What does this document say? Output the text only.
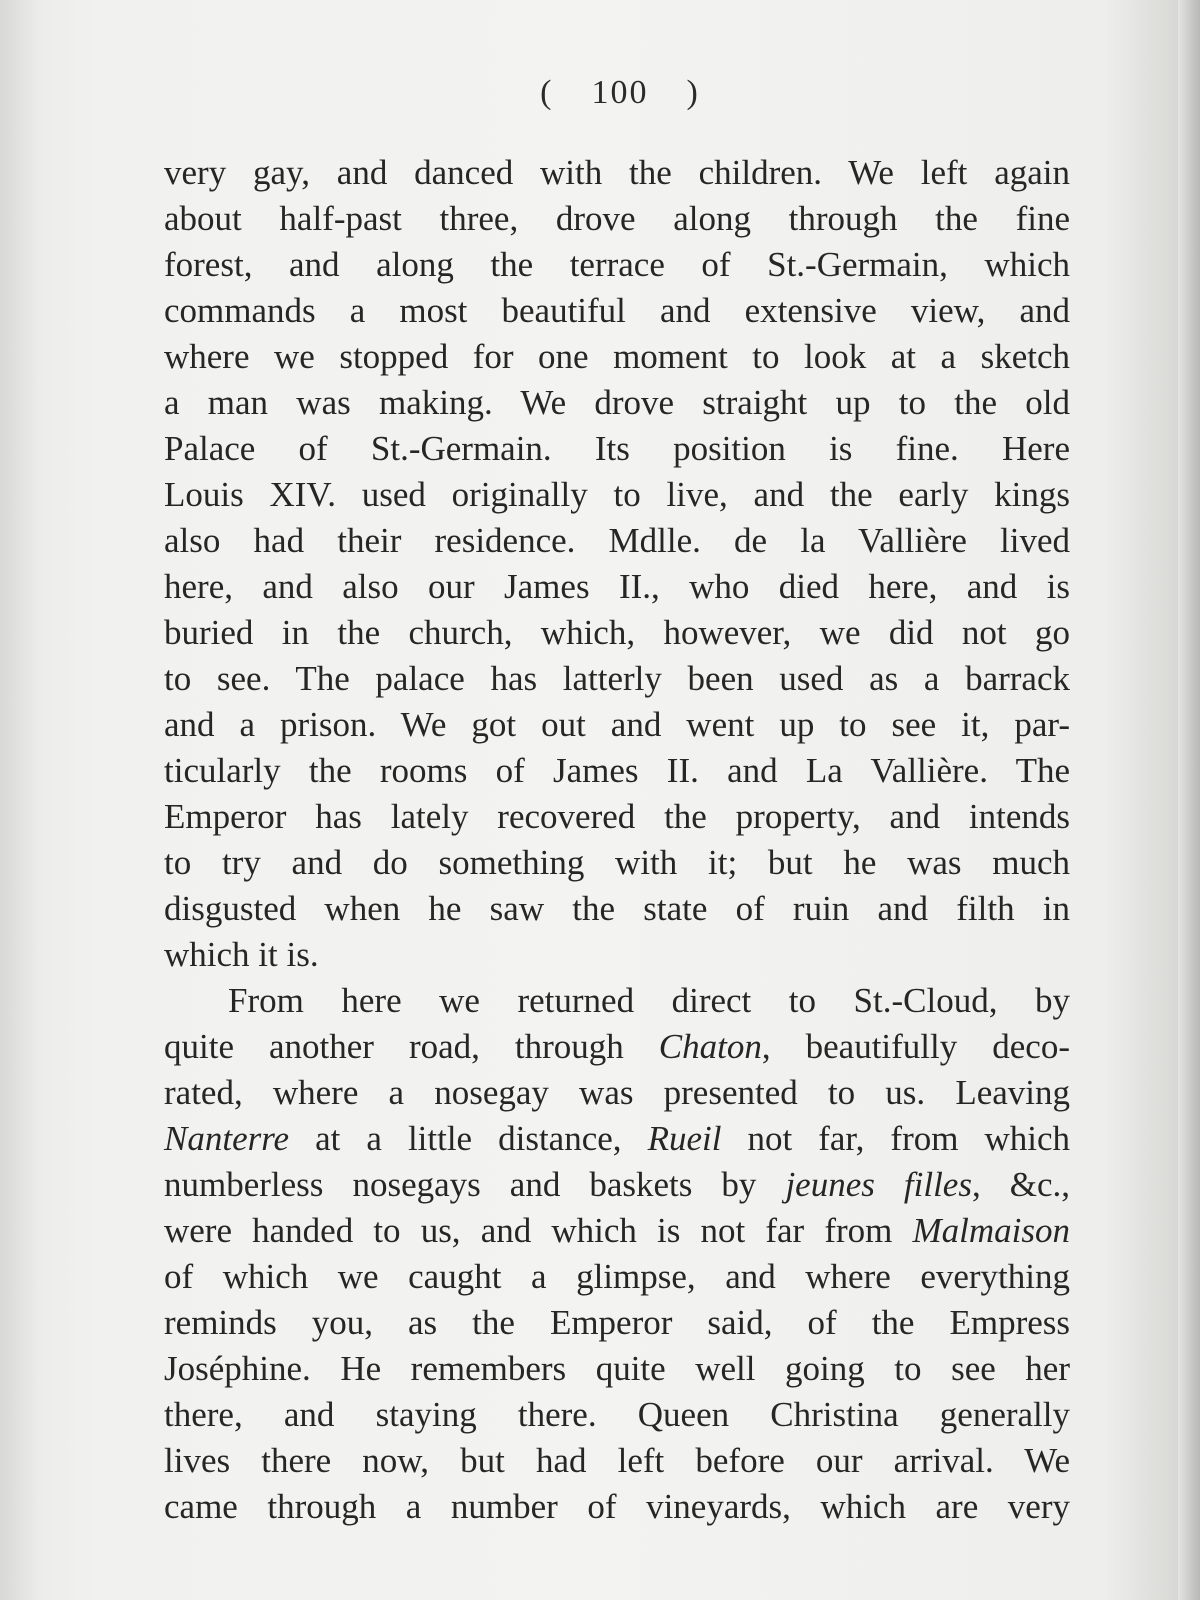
( 100 )
very gay, and danced with the children. We left again
about half-past three, drove along through the fine
forest, and along the terrace of St.-Germain, which
commands a most beautiful and extensive view, and
where we stopped for one moment to look at a sketch
a man was making. We drove straight up to the old
Palace of St.-Germain. Its position is fine. Here
Louis XIV. used originally to live, and the early kings
also had their residence. Mdlle. de la Vallière lived
here, and also our James II., who died here, and is
buried in the church, which, however, we did not go
to see. The palace has latterly been used as a barrack
and a prison. We got out and went up to see it, par-
ticularly the rooms of James II. and La Vallière. The
Emperor has lately recovered the property, and intends
to try and do something with it; but he was much
disgusted when he saw the state of ruin and filth in
which it is.
From here we returned direct to St.-Cloud, by
quite another road, through Chaton, beautifully deco-
rated, where a nosegay was presented to us. Leaving
Nanterre at a little distance, Rueil not far, from which
numberless nosegays and baskets by jeunes filles, &c.,
were handed to us, and which is not far from Malmaison
of which we caught a glimpse, and where everything
reminds you, as the Emperor said, of the Empress
Joséphine. He remembers quite well going to see her
there, and staying there. Queen Christina generally
lives there now, but had left before our arrival. We
came through a number of vineyards, which are very
